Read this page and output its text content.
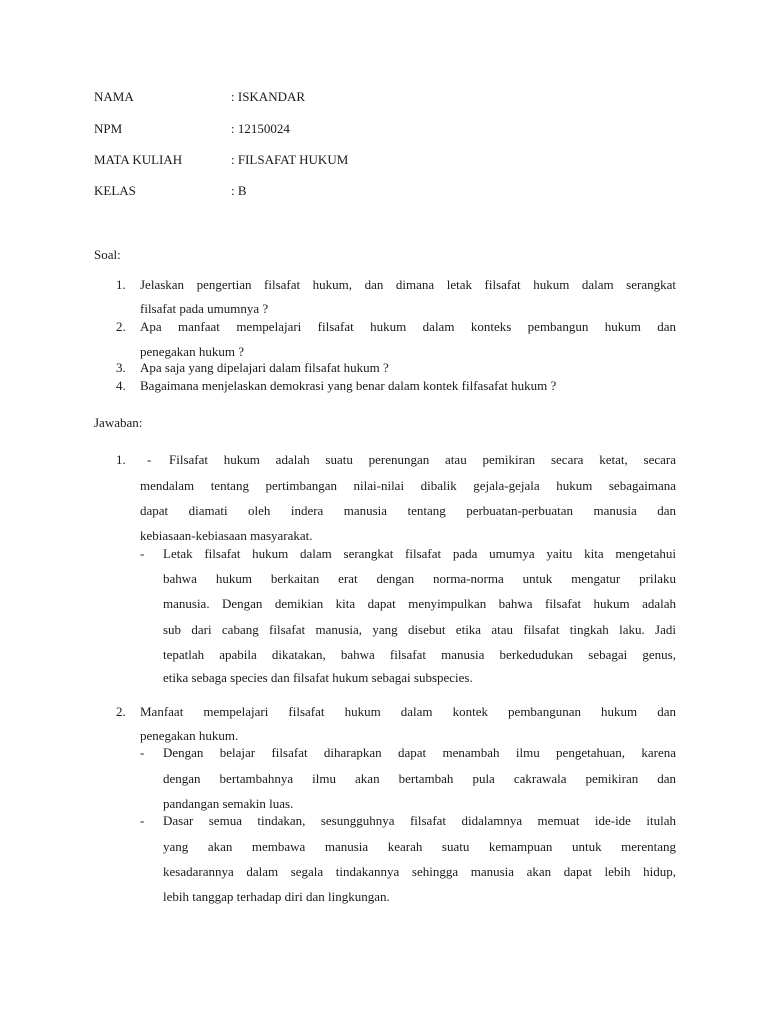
NAMA	: ISKANDAR
NPM	: 12150024
MATA KULIAH	: FILSAFAT HUKUM
KELAS	: B
Soal:
1. Jelaskan pengertian filsafat hukum, dan dimana letak filsafat hukum dalam serangkat
filsafat pada umumnya ?
2. Apa manfaat mempelajari filsafat hukum dalam konteks pembangun hukum dan
penegakan hukum ?
3. Apa saja yang dipelajari dalam filsafat hukum ?
4. Bagaimana menjelaskan demokrasi yang benar dalam kontek filfasafat hukum ?
Jawaban:
1. - Filsafat hukum adalah suatu perenungan atau pemikiran secara ketat, secara
mendalam tentang pertimbangan nilai-nilai dibalik gejala-gejala hukum sebagaimana
dapat diamati oleh indera manusia tentang perbuatan-perbuatan manusia dan
kebiasaan-kebiasaan masyarakat.
- Letak filsafat hukum dalam serangkat filsafat pada umumya yaitu kita mengetahui
bahwa hukum berkaitan erat dengan norma-norma untuk mengatur prilaku
manusia. Dengan demikian kita dapat menyimpulkan bahwa filsafat hukum adalah
sub dari cabang filsafat manusia, yang disebut etika atau filsafat tingkah laku. Jadi
tepatlah apabila dikatakan, bahwa filsafat manusia berkedudukan sebagai genus,
etika sebaga species dan filsafat hukum sebagai subspecies.
2. Manfaat mempelajari filsafat hukum dalam kontek pembangunan hukum dan
penegakan hukum.
- Dengan belajar filsafat diharapkan dapat menambah ilmu pengetahuan, karena
dengan bertambahnya ilmu akan bertambah pula cakrawala pemikiran dan
pandangan semakin luas.
- Dasar semua tindakan, sesungguhnya filsafat didalamnya memuat ide-ide itulah
yang akan membawa manusia kearah suatu kemampuan untuk merentang
kesadarannya dalam segala tindakannya sehingga manusia akan dapat lebih hidup,
lebih tanggap terhadap diri dan lingkungan.
